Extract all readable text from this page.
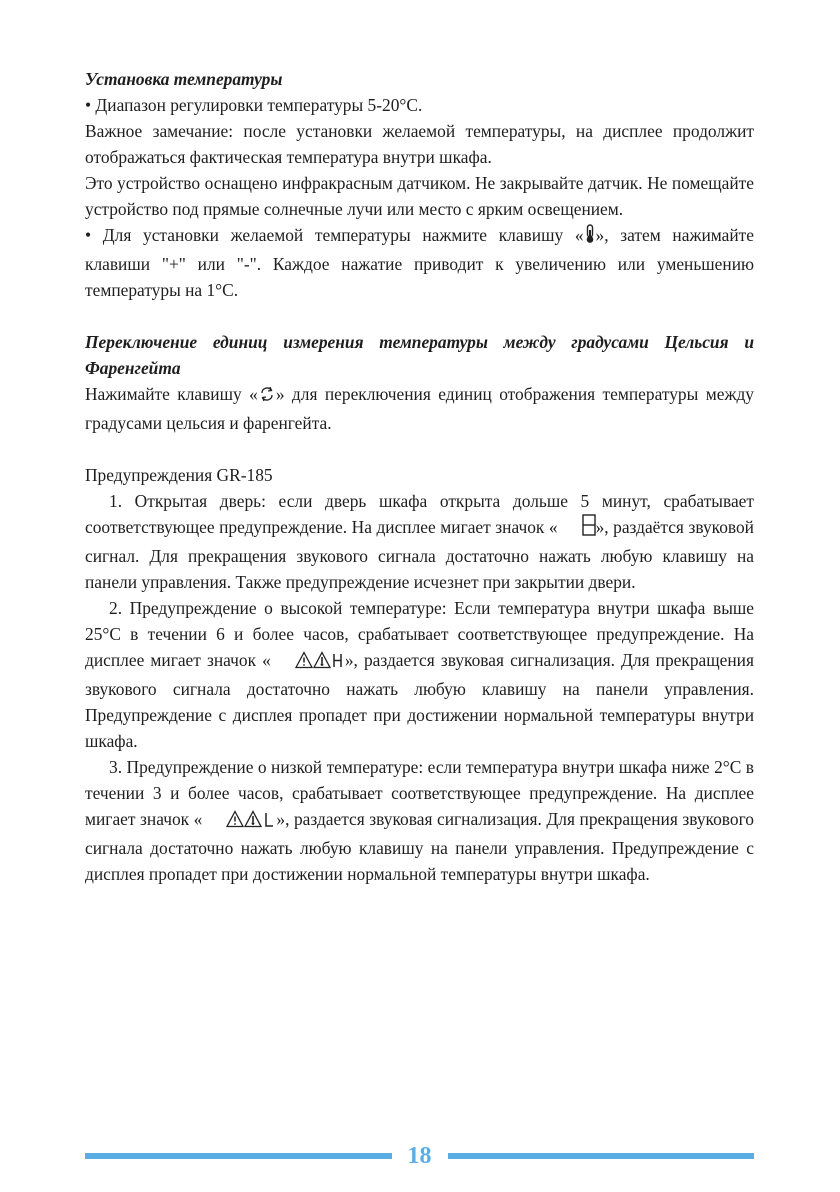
Установка температуры

• Диапазон регулировки температуры 5-20°C.

Важное замечание: после установки желаемой температуры, на дисплее продолжит отображаться фактическая температура внутри шкафа.

Это устройство оснащено инфракрасным датчиком. Не закрывайте датчик. Не помещайте устройство под прямые солнечные лучи или место с ярким освещением.

• Для установки желаемой температуры нажмите клавишу « », затем нажимайте клавиши "+" или "-". Каждое нажатие приводит к увеличению или уменьшению температуры на 1°C.

Переключение единиц измерения температуры между градусами Цельсия и Фаренгейта

Нажимайте клавишу « » для переключения единиц отображения температуры между градусами цельсия и фаренгейта.

Предупреждения GR-185

1. Открытая дверь: если дверь шкафа открыта дольше 5 минут, срабатывает соответствующее предупреждение. На дисплее мигает значок « », раздаётся звуковой сигнал. Для прекращения звукового сигнала достаточно нажать любую клавишу на панели управления. Также предупреждение исчезнет при закрытии двери.

2. Предупреждение о высокой температуре: Если температура внутри шкафа выше 25°C в течении 6 и более часов, срабатывает соответствующее предупреждение. На дисплее мигает значок «	», раздается звуковая сигнализация. Для прекращения звукового сигнала достаточно нажать любую клавишу на панели управления. Предупреждение с дисплея пропадет при достижении нормальной температуры внутри шкафа.

3. Предупреждение о низкой температуре: если температура внутри шкафа ниже 2°C в течении 3 и более часов, срабатывает соответствующее предупреждение. На дисплее мигает значок «	», раздается звуковая сигнализация. Для прекращения звукового сигнала достаточно нажать любую клавишу на панели управления. Предупреждение с дисплея пропадет при достижении нормальной температуры внутри шкафа.

18
